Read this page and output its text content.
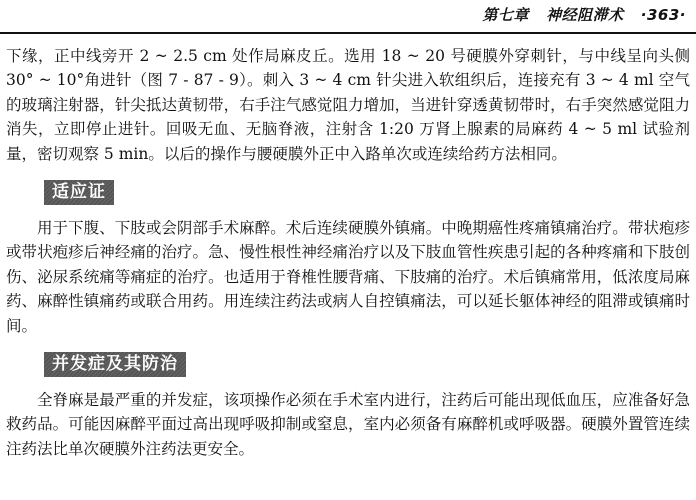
第七章 神经阻滞术 ·363·

下缘，正中线旁开 2 ~ 2.5 cm 处作局麻皮丘。选用 18 ~ 20 号硬膜外穿刺针，与中线呈向头侧 30° ~ 10°角进针（图 7 - 87 - 9）。刺入 3 ~ 4 cm 针尖进入软组织后，连接充有 3 ~ 4 ml 空气的玻璃注射器，针尖抵达黄韧带，右手注气感觉阻力增加，当进针穿透黄韧带时，右手突然感觉阻力消失，立即停止进针。回吸无血、无脑脊液，注射含 1:20 万肾上腺素的局麻药 4 ~ 5 ml 试验剂量，密切观察 5 min。以后的操作与腰硬膜外正中入路单次或连续给药方法相同。

适应证

用于下腹、下肢或会阴部手术麻醉。术后连续硬膜外镇痛。中晚期癌性疼痛镇痛治疗。带状疱疹或带状疱疹后神经痛的治疗。急、慢性根性神经痛治疗以及下肢血管性疾患引起的各种疼痛和下肢创伤、泌尿系统痛等痛症的治疗。也适用于脊椎性腰背痛、下肢痛的治疗。术后镇痛常用，低浓度局麻药、麻醉性镇痛药或联合用药。用连续注药法或病人自控镇痛法，可以延长躯体神经的阻滞或镇痛时间。

并发症及其防治

全脊麻是最严重的并发症，该项操作必须在手术室内进行，注药后可能出现低血压，应准备好急救药品。可能因麻醉平面过高出现呼吸抑制或窒息，室内必须备有麻醉机或呼吸器。硬膜外置管连续注药法比单次硬膜外注药法更安全。
